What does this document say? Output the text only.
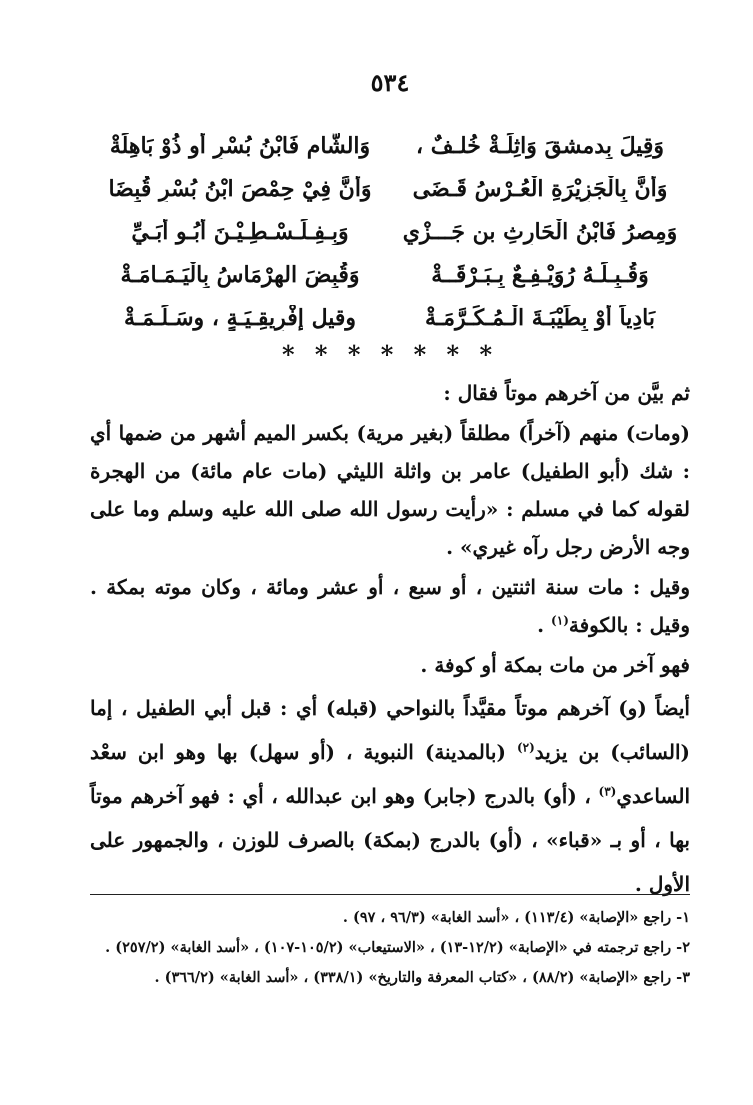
٥٣٤

وَقِيلَ بِدمشقَ وَاثِلَـةْ خُلـفٌ ،
وَالشَّامِ فَابْنُ بُسْرٍ أَو ذُوْ بَاهِلَةْ
وَأَنَّ بِالْجَزِيْرَةِ الْعُـرْسُ قَـضَى
وَأَنَّ فِيْ حِمْصَ ابْنُ بُسْرٍ قُبِضَا
وَمِصرُ فَابْنُ الْحَارِثِ بنِ جَـــزْيِ
وَبِـفِـلَـسْـطِـيْـنَ أَبُـو أُبَـيِّ
وَقُـبِـلَـهُ رُوَيْـفِـعٌ بِـبَـرْقَــةْ
وَقُبِضَ الهِرْمَاسُ بِالْيَـمَـامَـةْ
بَادِياً أَوْ بِطَيْبَـةَ الْـمُـكَـرَّمَـةْ
وقيل إِفْرِيقِـيَـةٍ ، وسَـلَـمَـةْ

* * * * * * *

ثم بيَّن من آخرهم موتاً فقال :

(ومات) منهم (آخراً) مطلقاً (بغير مرية) بكسر الميم أشهر من ضمها أي : شك (أبو الطفيل) عامر بن واثلة الليثي (مات عام مائة) من الهجرة لقوله كما في مسلم : «رأيت رسول الله صلى الله عليه وسلم وما على وجه الأرض رجل رآه غيري» .

وقيل : مات سنة اثنتين ، أو سبع ، أو عشر ومائة ، وكان موته بمكة . وقيل : بالكوفة$^{(١)}$ .

فهو آخر من مات بمكة أو كوفة .

أيضاً (و) آخرهم موتاً مقيَّداً بالنواحي (قبله) أي : قبل أبي الطفيل ، إما (السائب) بن يزيد$^{(٢)}$ (بالمدينة) النبوية ، (أو سهل) بها وهو ابن سعْد الساعدي$^{(٣)}$ ، (أو) بالدرج (جابر) وهو ابن عبدالله ، أي : فهو آخرهم موتاً بها ، أو بـ «قباء» ، (أو) بالدرج (بمكة) بالصرف للوزن ، والجمهور على الأول .

١- راجع «الإصابة» (١١٣/٤) ، «أسد الغابة» (٩٦/٣ ، ٩٧) .

٢- راجع ترجمته في «الإصابة» (١٢/٢-١٣) ، «الاستيعاب» (١٠٥/٢-١٠٧) ، «أسد الغابة» (٢٥٧/٢) .

٣- راجع «الإصابة» (٨٨/٢) ، «كتاب المعرفة والتاريخ» (٣٣٨/١) ، «أسد الغابة» (٣٦٦/٢) .
